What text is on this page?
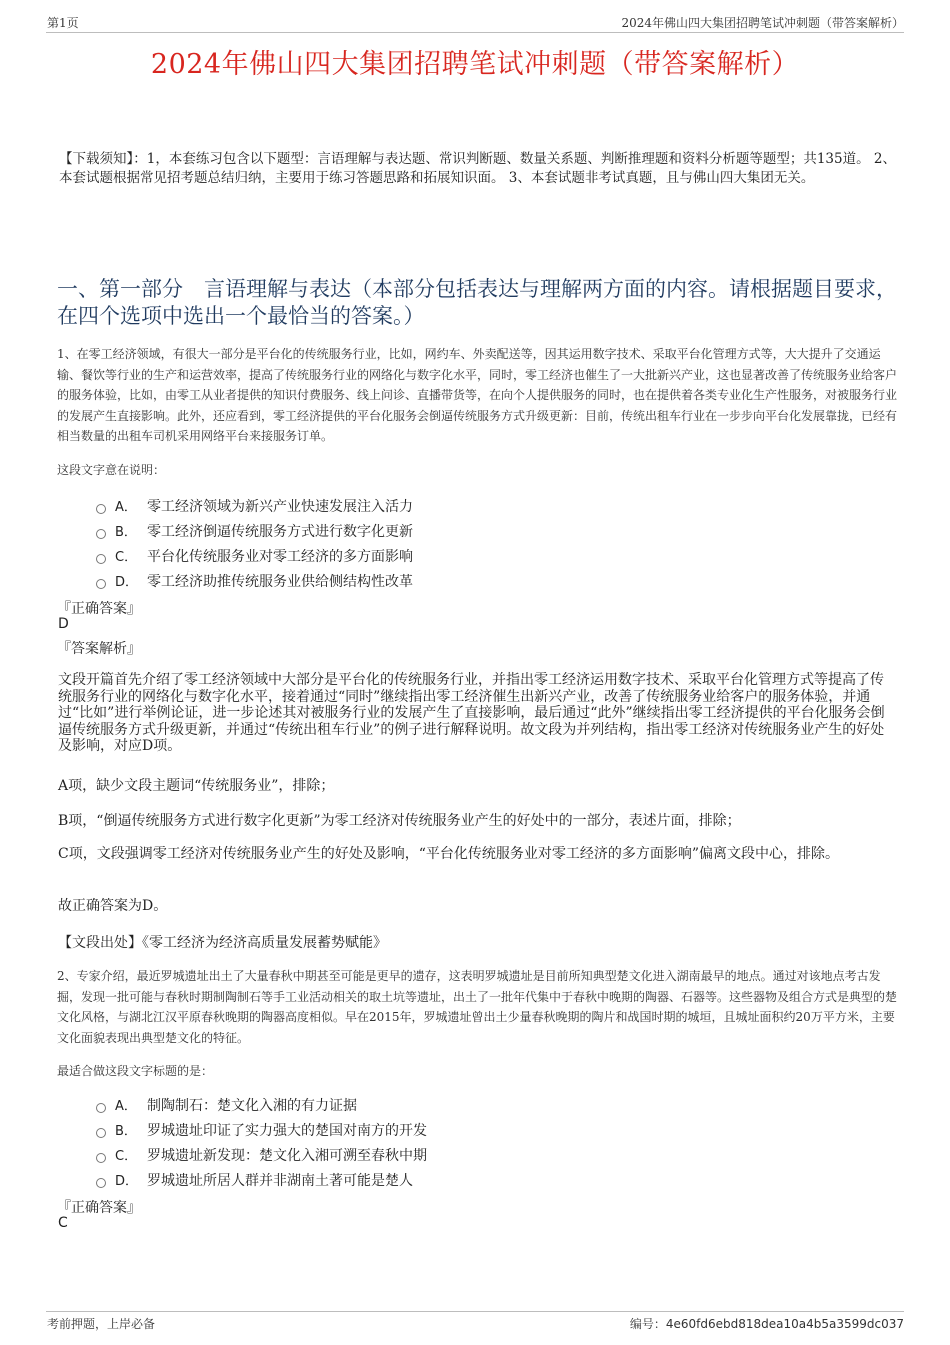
第1页	2024年佛山四大集团招聘笔试冲刺题（带答案解析）
2024年佛山四大集团招聘笔试冲刺题（带答案解析）
【下载须知】：1，本套练习包含以下题型：言语理解与表达题、常识判断题、数量关系题、判断推理题和资料分析题等题型；共135道。 2、本套试题根据常见招考题总结归纳，主要用于练习答题思路和拓展知识面。 3、本套试题非考试真题，且与佛山四大集团无关。
一、第一部分　言语理解与表达（本部分包括表达与理解两方面的内容。请根据题目要求，在四个选项中选出一个最恰当的答案。）
1、在零工经济领域，有很大一部分是平台化的传统服务行业，比如，网约车、外卖配送等，因其运用数字技术、采取平台化管理方式等，大大提升了交通运输、餐饮等行业的生产和运营效率，提高了传统服务行业的网络化与数字化水平，同时，零工经济也催生了一大批新兴产业，这也显著改善了传统服务业给客户的服务体验，比如，由零工从业者提供的知识付费服务、线上问诊、直播带货等，在向个人提供服务的同时，也在提供着各类专业化生产性服务，对被服务行业的发展产生直接影响。此外，还应看到，零工经济提供的平台化服务会倒逼传统服务方式升级更新：目前，传统出租车行业在一步步向平台化发展靠拢，已经有相当数量的出租车司机采用网络平台来接服务订单。
这段文字意在说明：
A． 零工经济领域为新兴产业快速发展注入活力
B． 零工经济倒逼传统服务方式进行数字化更新
C． 平台化传统服务业对零工经济的多方面影响
D． 零工经济助推传统服务业供给侧结构性改革
『正确答案』
D
『答案解析』
文段开篇首先介绍了零工经济领域中大部分是平台化的传统服务行业，并指出零工经济运用数字技术、采取平台化管理方式等提高了传统服务行业的网络化与数字化水平，接着通过“同时”继续指出零工经济催生出新兴产业，改善了传统服务业给客户的服务体验，并通过“比如”进行举例论证，进一步论述其对被服务行业的发展产生了直接影响，最后通过“此外”继续指出零工经济提供的平台化服务会倒逼传统服务方式升级更新，并通过“传统出租车行业”的例子进行解释说明。故文段为并列结构，指出零工经济对传统服务业产生的好处及影响，对应D项。
A项，缺少文段主题词“传统服务业”，排除；
B项，“倒逼传统服务方式进行数字化更新”为零工经济对传统服务业产生的好处中的一部分，表述片面，排除；
C项，文段强调零工经济对传统服务业产生的好处及影响，“平台化传统服务业对零工经济的多方面影响”偏离文段中心，排除。
故正确答案为D。
【文段出处】《零工经济为经济高质量发展蓄势赋能》
2、专家介绍，最近罗城遗址出土了大量春秋中期甚至可能是更早的遗存，这表明罗城遗址是目前所知典型楚文化进入湖南最早的地点。通过对该地点考古发掘，发现一批可能与春秋时期制陶制石等手工业活动相关的取土坑等遗址，出土了一批年代集中于春秋中晚期的陶器、石器等。这些器物及组合方式是典型的楚文化风格，与湖北江汉平原春秋晚期的陶器高度相似。早在2015年，罗城遗址曾出土少量春秋晚期的陶片和战国时期的城垣，且城址面积约20万平方米，主要文化面貌表现出典型楚文化的特征。
最适合做这段文字标题的是：
A． 制陶制石：楚文化入湘的有力证据
B． 罗城遗址印证了实力强大的楚国对南方的开发
C． 罗城遗址新发现：楚文化入湘可溯至春秋中期
D． 罗城遗址所居人群并非湖南土著可能是楚人
『正确答案』
C
考前押题，上岸必备	编号：4e60fd6ebd818dea10a4b5a3599dc037
